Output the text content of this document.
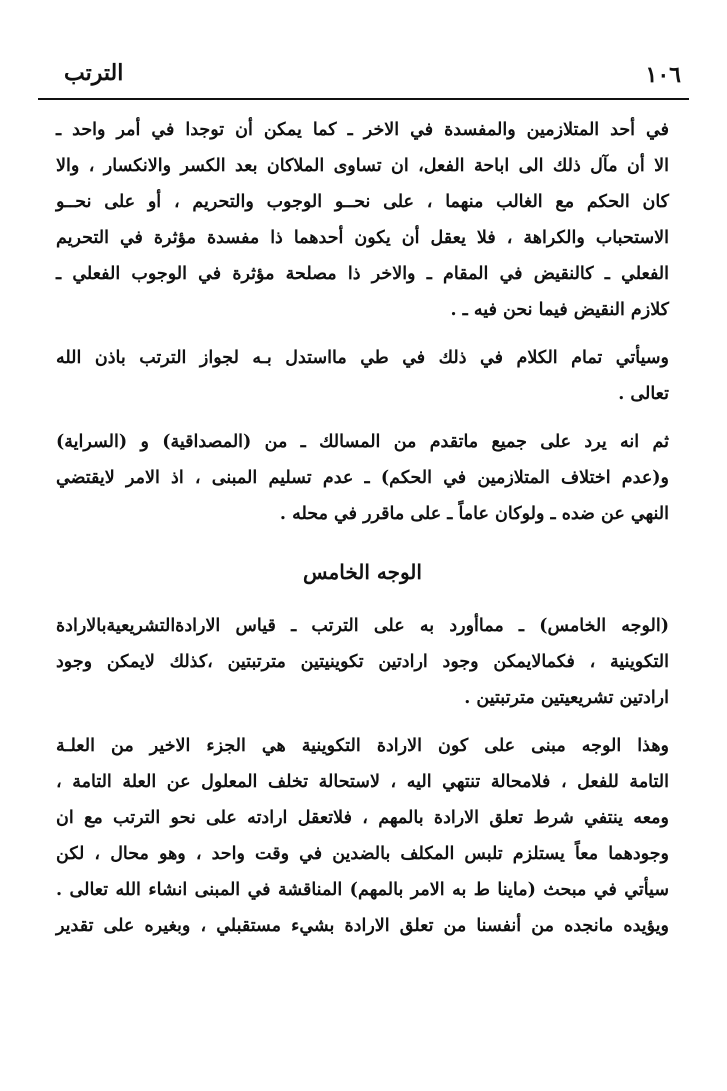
١٠٦
الترتب

في أحد المتلازمين والمفسدة في الاخر ـ كما يمكن أن توجدا في أمر واحد ـ

الا أن مآل ذلك الى اباحة الفعل، ان تساوى الملاكان بعد الكسر والانكسار ، والا

كان الحكم مع الغالب منهما ، على نحــو الوجوب والتحريم ، أو على نحــو

الاستحباب والكراهة ، فلا يعقل أن يكون أحدهما ذا مفسدة مؤثرة في التحريم

الفعلي ـ كالنقيض في المقام ـ والاخر ذا مصلحة مؤثرة في الوجوب الفعلي ـ

كلازم النقيض فيما نحن فيه ـ .

وسيأتي تمام الكلام في ذلك في طي مااستدل بـه لجواز الترتب باذن الله

تعالى .

ثم انه يرد على جميع ماتقدم من المسالك ـ من (المصداقية) و (السراية)

و(عدم اختلاف المتلازمين في الحكم) ـ عدم تسليم المبنى ، اذ الامر لايقتضي

النهي عن ضده ـ ولوكان عاماً ـ على ماقرر في محله .

الوجه الخامس

(الوجه الخامس) ـ مماأورد به على الترتب ـ قياس الارادةالتشريعيةبالارادة

التكوينية ، فكمالايمكن وجود ارادتين تكوينيتين مترتبتين ،كذلك لايمكن وجود

ارادتين تشريعيتين مترتبتين .

وهذا الوجه مبنى على كون الارادة التكوينية هي الجزء الاخير من العلـة

التامة للفعل ، فلامحالة تنتهي اليه ، لاستحالة تخلف المعلول عن العلة التامة ،

ومعه ينتفي شرط تعلق الارادة بالمهم ، فلاتعقل ارادته على نحو الترتب مع ان

وجودهما معاً يستلزم تلبس المكلف بالضدين في وقت واحد ، وهو محال ، لكن

سيأتي في مبحث (ماينا ط به الامر بالمهم) المناقشة في المبنى انشاء الله تعالى .

ويؤيده مانجده من أنفسنا من تعلق الارادة بشيء مستقبلي ، وبغيره على تقدير
